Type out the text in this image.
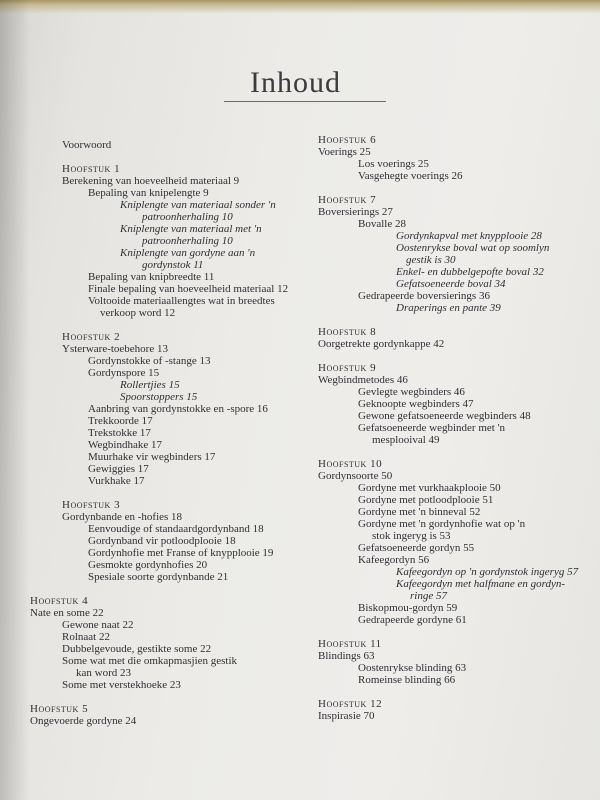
Inhoud
Voorwoord
Hoofstuk 1
Berekening van hoeveelheid materiaal 9
Bepaling van knipelengte 9
Kniplengte van materiaal sonder 'n
patroonherhaling 10
Kniplengte van materiaal met 'n
patroonherhaling 10
Kniplengte van gordyne aan 'n
gordynstok 11
Bepaling van knipbreedte 11
Finale bepaling van hoeveelheid materiaal 12
Voltooide materiaallengtes wat in breedtes
verkoop word 12
Hoofstuk 2
Ysterware-toebehore 13
Gordynstokke of -stange 13
Gordynspore 15
Rollertjies 15
Spoorstoppers 15
Aanbring van gordynstokke en -spore 16
Trekkoorde 17
Trekstokke 17
Wegbindhake 17
Muurhake vir wegbinders 17
Gewiggies 17
Vurkhake 17
Hoofstuk 3
Gordynbande en -hofies 18
Eenvoudige of standaardgordynband 18
Gordynband vir potloodplooie 18
Gordynhofie met Franse of knypplooie 19
Gesmokte gordynhofies 20
Spesiale soorte gordynbande 21
Hoofstuk 4
Nate en some 22
Gewone naat 22
Rolnaat 22
Dubbelgevoude, gestikte some 22
Some wat met die omkapmasjien gestik
kan word 23
Some met verstekhoeke 23
Hoofstuk 5
Ongevoerde gordyne 24
Hoofstuk 6
Voerings 25
Los voerings 25
Vasgehegte voerings 26
Hoofstuk 7
Boversierings 27
Bovalle 28
Gordynkapval met knypplooie 28
Oostenrykse boval wat op soomlyn
gestik is 30
Enkel- en dubbelgepofte boval 32
Gefatsoeneerde boval 34
Gedrapeerde boversierings 36
Draperings en pante 39
Hoofstuk 8
Oorgetrekte gordynkappe 42
Hoofstuk 9
Wegbindmetodes 46
Gevlegte wegbinders 46
Geknoopte wegbinders 47
Gewone gefatsoeneerde wegbinders 48
Gefatsoeneerde wegbinder met 'n
mesplooival 49
Hoofstuk 10
Gordynsoorte 50
Gordyne met vurkhaakplooie 50
Gordyne met potloodplooie 51
Gordyne met 'n binneval 52
Gordyne met 'n gordynhofie wat op 'n
stok ingeryg is 53
Gefatsoeneerde gordyn 55
Kafeegordyn 56
Kafeegordyn op 'n gordynstok ingeryg 57
Kafeegordyn met halfmane en gordyn-
ringe 57
Biskopmou-gordyn 59
Gedrapeerde gordyne 61
Hoofstuk 11
Blindings 63
Oostenrykse blinding 63
Romeinse blinding 66
Hoofstuk 12
Inspirasie 70
